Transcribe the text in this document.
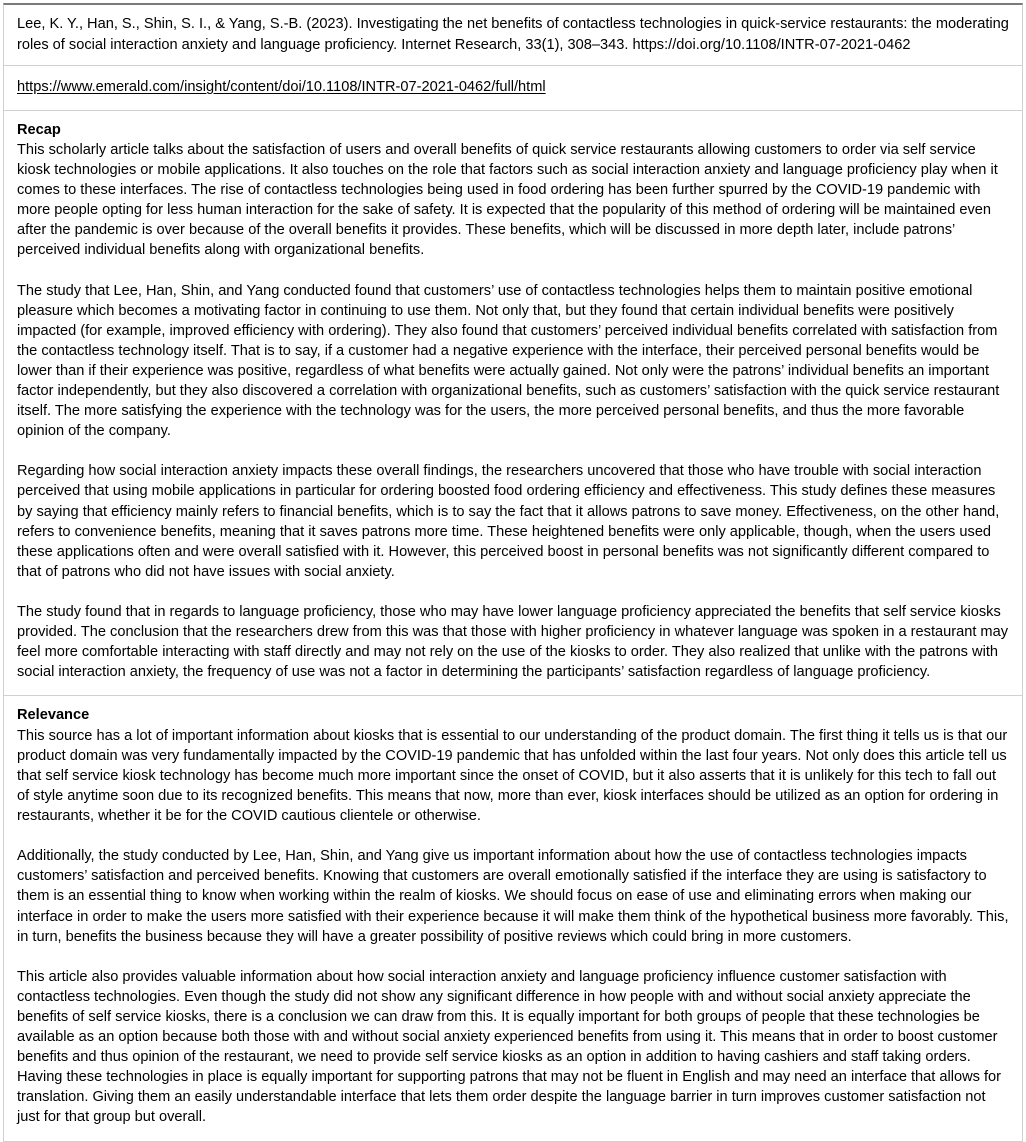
Lee, K. Y., Han, S., Shin, S. I., & Yang, S.-B. (2023). Investigating the net benefits of contactless technologies in quick-service restaurants: the moderating roles of social interaction anxiety and language proficiency. Internet Research, 33(1), 308–343. https://doi.org/10.1108/INTR-07-2021-0462
https://www.emerald.com/insight/content/doi/10.1108/INTR-07-2021-0462/full/html
Recap

This scholarly article talks about the satisfaction of users and overall benefits of quick service restaurants allowing customers to order via self service kiosk technologies or mobile applications. It also touches on the role that factors such as social interaction anxiety and language proficiency play when it comes to these interfaces. The rise of contactless technologies being used in food ordering has been further spurred by the COVID-19 pandemic with more people opting for less human interaction for the sake of safety. It is expected that the popularity of this method of ordering will be maintained even after the pandemic is over because of the overall benefits it provides. These benefits, which will be discussed in more depth later, include patrons’ perceived individual benefits along with organizational benefits.

The study that Lee, Han, Shin, and Yang conducted found that customers’ use of contactless technologies helps them to maintain positive emotional pleasure which becomes a motivating factor in continuing to use them. Not only that, but they found that certain individual benefits were positively impacted (for example, improved efficiency with ordering). They also found that customers’ perceived individual benefits correlated with satisfaction from the contactless technology itself. That is to say, if a customer had a negative experience with the interface, their perceived personal benefits would be lower than if their experience was positive, regardless of what benefits were actually gained. Not only were the patrons’ individual benefits an important factor independently, but they also discovered a correlation with organizational benefits, such as customers’ satisfaction with the quick service restaurant itself. The more satisfying the experience with the technology was for the users, the more perceived personal benefits, and thus the more favorable opinion of the company.

Regarding how social interaction anxiety impacts these overall findings, the researchers uncovered that those who have trouble with social interaction perceived that using mobile applications in particular for ordering boosted food ordering efficiency and effectiveness. This study defines these measures by saying that efficiency mainly refers to financial benefits, which is to say the fact that it allows patrons to save money. Effectiveness, on the other hand, refers to convenience benefits, meaning that it saves patrons more time. These heightened benefits were only applicable, though, when the users used these applications often and were overall satisfied with it. However, this perceived boost in personal benefits was not significantly different compared to that of patrons who did not have issues with social anxiety.

The study found that in regards to language proficiency, those who may have lower language proficiency appreciated the benefits that self service kiosks provided. The conclusion that the researchers drew from this was that those with higher proficiency in whatever language was spoken in a restaurant may feel more comfortable interacting with staff directly and may not rely on the use of the kiosks to order. They also realized that unlike with the patrons with social interaction anxiety, the frequency of use was not a factor in determining the participants’ satisfaction regardless of language proficiency.

Relevance

This source has a lot of important information about kiosks that is essential to our understanding of the product domain. The first thing it tells us is that our product domain was very fundamentally impacted by the COVID-19 pandemic that has unfolded within the last four years. Not only does this article tell us that self service kiosk technology has become much more important since the onset of COVID, but it also asserts that it is unlikely for this tech to fall out of style anytime soon due to its recognized benefits. This means that now, more than ever, kiosk interfaces should be utilized as an option for ordering in restaurants, whether it be for the COVID cautious clientele or otherwise.

Additionally, the study conducted by Lee, Han, Shin, and Yang give us important information about how the use of contactless technologies impacts customers’ satisfaction and perceived benefits. Knowing that customers are overall emotionally satisfied if the interface they are using is satisfactory to them is an essential thing to know when working within the realm of kiosks. We should focus on ease of use and eliminating errors when making our interface in order to make the users more satisfied with their experience because it will make them think of the hypothetical business more favorably. This, in turn, benefits the business because they will have a greater possibility of positive reviews which could bring in more customers.

This article also provides valuable information about how social interaction anxiety and language proficiency influence customer satisfaction with contactless technologies. Even though the study did not show any significant difference in how people with and without social anxiety appreciate the benefits of self service kiosks, there is a conclusion we can draw from this. It is equally important for both groups of people that these technologies be available as an option because both those with and without social anxiety experienced benefits from using it. This means that in order to boost customer benefits and thus opinion of the restaurant, we need to provide self service kiosks as an option in addition to having cashiers and staff taking orders. Having these technologies in place is equally important for supporting patrons that may not be fluent in English and may need an interface that allows for translation. Giving them an easily understandable interface that lets them order despite the language barrier in turn improves customer satisfaction not just for that group but overall.
